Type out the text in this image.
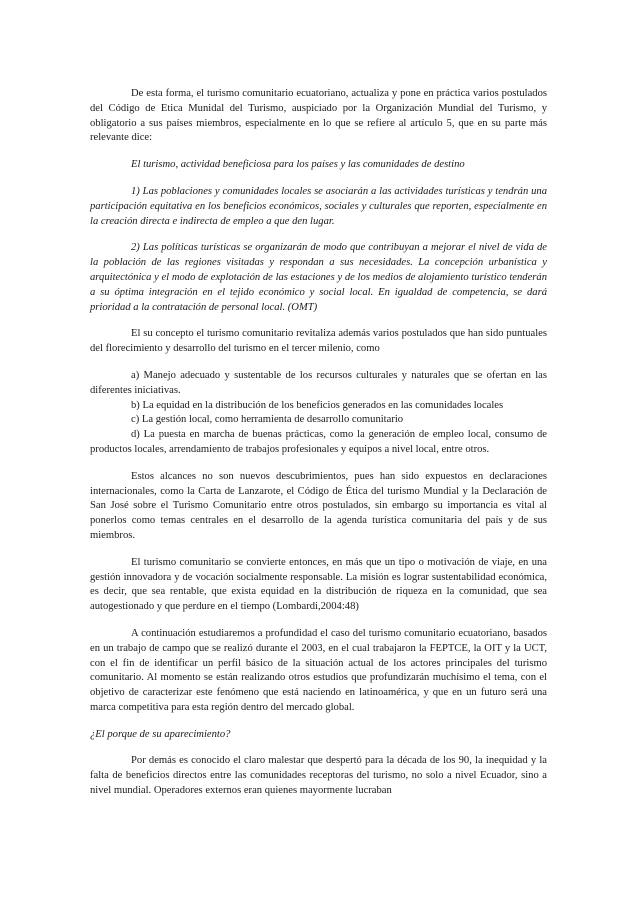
De esta forma, el turismo comunitario ecuatoriano, actualiza y pone en práctica varios postulados del Código de Etica Munidal del Turismo, auspiciado por la Organización Mundial del Turismo, y obligatorio a sus países miembros, especialmente en lo que se refiere al artículo 5, que en su parte más relevante dice:

El turismo, actividad beneficiosa para los países y las comunidades de destino

1) Las poblaciones y comunidades locales se asociarán a las actividades turísticas y tendrán una participación equitativa en los beneficios económicos, sociales y culturales que reporten, especialmente en la creación directa e indirecta de empleo a que den lugar.

2) Las políticas turísticas se organizarán de modo que contribuyan a mejorar el nivel de vida de la población de las regiones visitadas y respondan a sus necesidades. La concepción urbanística y arquitectónica y el modo de explotación de las estaciones y de los medios de alojamiento turístico tenderán a su óptima integración en el tejido económico y social local. En igualdad de competencia, se dará prioridad a la contratación de personal local. (OMT)

El su concepto el turismo comunitario revitaliza además varios postulados que han sido puntuales del florecimiento y desarrollo del turismo en el tercer milenio, como

a) Manejo adecuado y sustentable de los recursos culturales y naturales que se ofertan en las diferentes iniciativas.

b) La equidad en la distribución de los beneficios generados en las comunidades locales

c) La gestión local, como herramienta de desarrollo comunitario

d) La puesta en marcha de buenas prácticas, como la generación de empleo local, consumo de productos locales, arrendamiento de trabajos profesionales y equipos a nivel local, entre otros.

Estos alcances no son nuevos descubrimientos, pues han sido expuestos en declaraciones internacionales, como la Carta de Lanzarote, el Código de Ética del turismo Mundial y la Declaración de San José sobre el Turismo Comunitario entre otros postulados, sin embargo su importancia es vital al ponerlos como temas centrales en el desarrollo de la agenda turística comunitaria del país y de sus miembros.

El turismo comunitario se convierte entonces, en más que un tipo o motivación de viaje, en una gestión innovadora y de vocación socialmente responsable. La misión es lograr sustentabilidad económica, es decir, que sea rentable, que exista equidad en la distribución de riqueza en la comunidad, que sea autogestionado y que perdure en el tiempo (Lombardi,2004:48)

A continuación estudiaremos a profundidad el caso del turismo comunitario ecuatoriano, basados en un trabajo de campo que se realizó durante el 2003, en el cual trabajaron la FEPTCE, la OIT y la UCT, con el fin de identificar un perfil básico de la situación actual de los actores principales del turismo comunitario. Al momento se están realizando otros estudios que profundizarán muchísimo el tema, con el objetivo de caracterizar este fenómeno que está naciendo en latinoamérica, y que en un futuro será una marca competitiva para esta región dentro del mercado global.

¿El porque de su aparecimiento?

Por demás es conocido el claro malestar que despertó para la década de los 90, la inequidad y la falta de beneficios directos entre las comunidades receptoras del turismo, no solo a nivel Ecuador, sino a nivel mundial. Operadores externos eran quienes mayormente lucraban
